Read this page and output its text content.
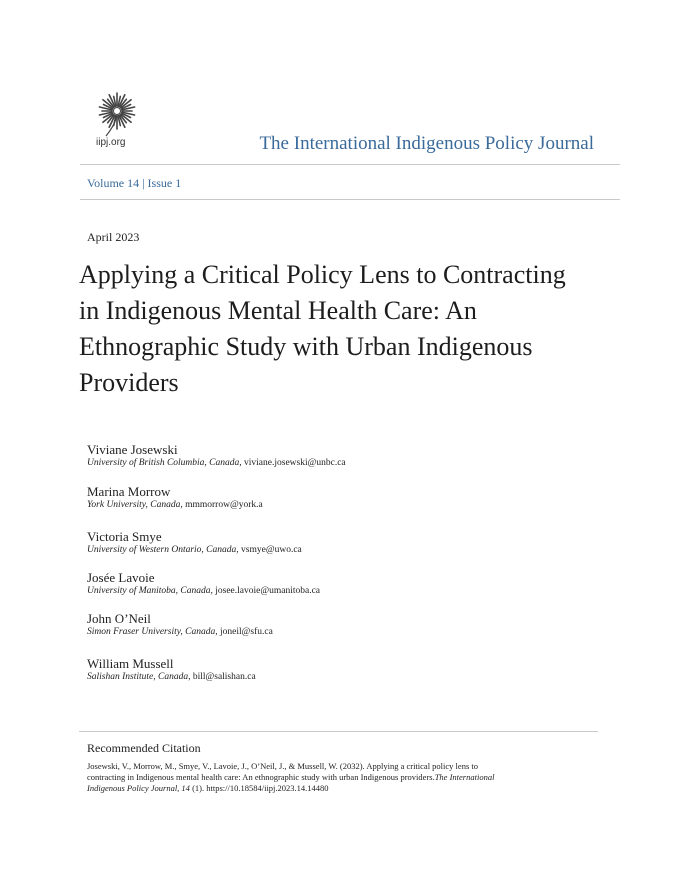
iipj.org	The International Indigenous Policy Journal
Volume 14 | Issue 1
April 2023
Applying a Critical Policy Lens to Contracting in Indigenous Mental Health Care: An Ethnographic Study with Urban Indigenous Providers
Viviane Josewski
University of British Columbia, Canada, viviane.josewski@unbc.ca
Marina Morrow
York University, Canada, mmmorrow@york.a
Victoria Smye
University of Western Ontario, Canada, vsmye@uwo.ca
Josée Lavoie
University of Manitoba, Canada, josee.lavoie@umanitoba.ca
John O’Neil
Simon Fraser University, Canada, joneil@sfu.ca
William Mussell
Salishan Institute, Canada, bill@salishan.ca
Recommended Citation
Josewski, V., Morrow, M., Smye, V., Lavoie, J., O’Neil, J., & Mussell, W. (2032). Applying a critical policy lens to contracting in Indigenous mental health care: An ethnographic study with urban Indigenous providers.The International Indigenous Policy Journal, 14 (1). https://10.18584/iipj.2023.14.14480
